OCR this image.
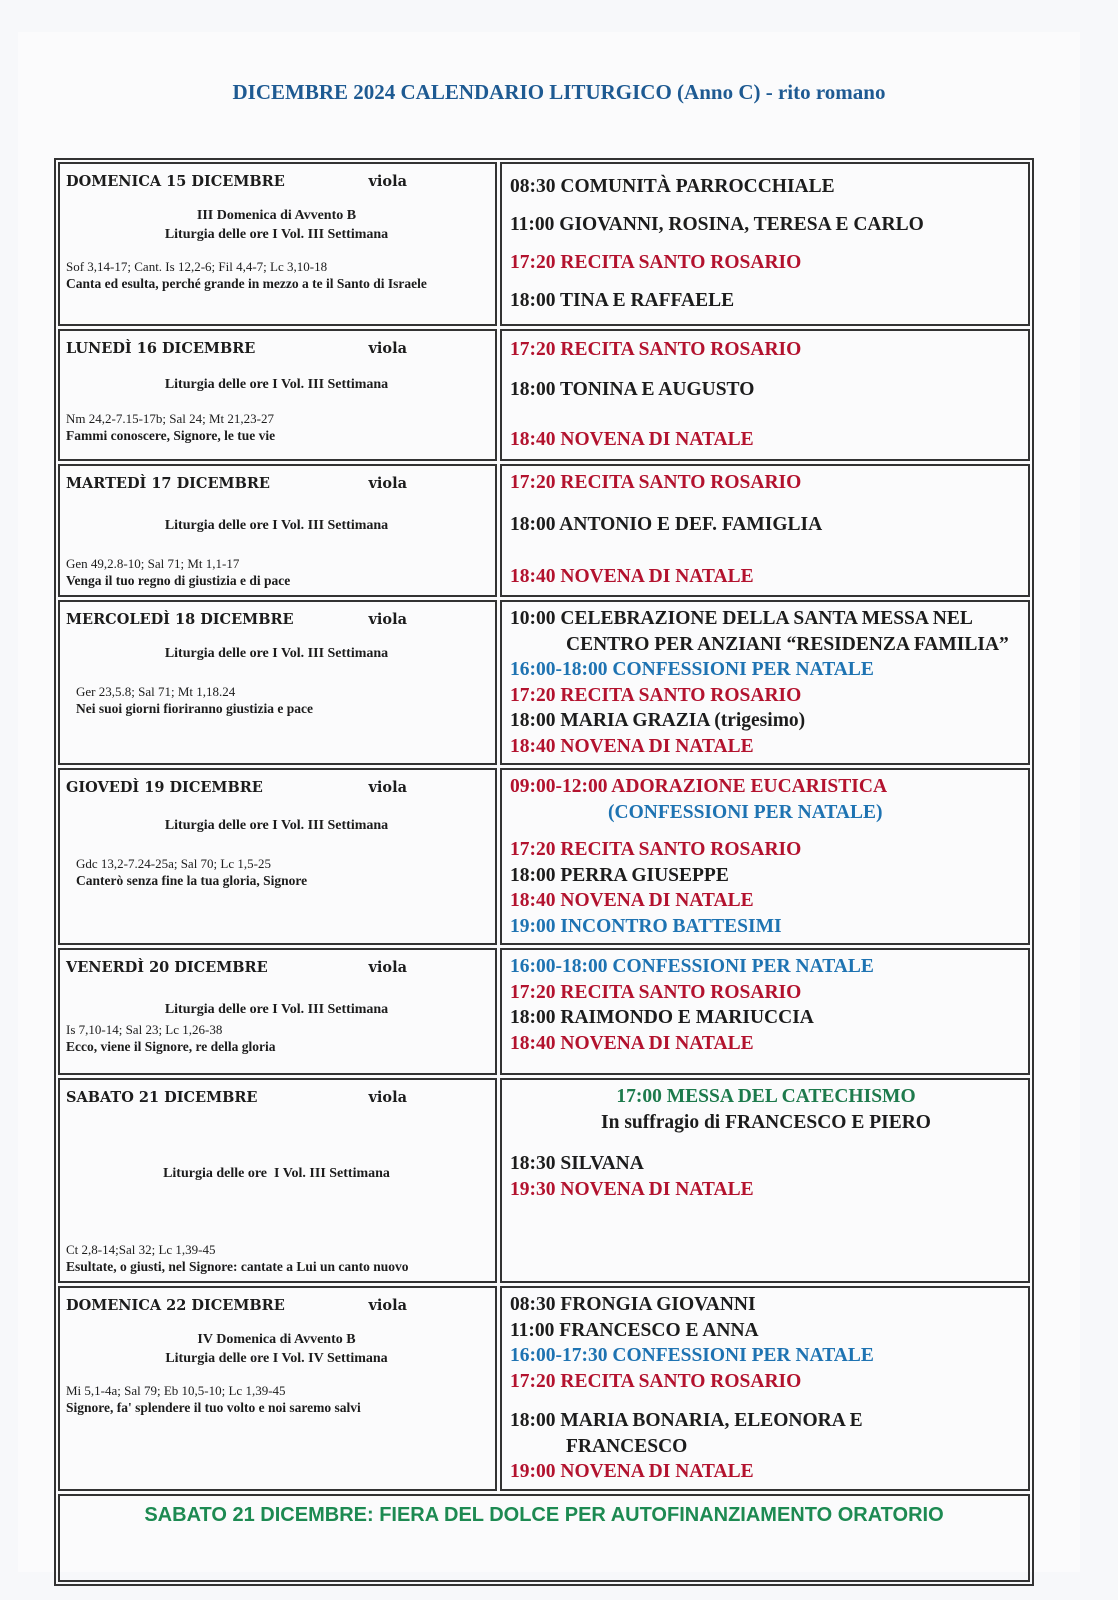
DICEMBRE 2024 CALENDARIO LITURGICO (Anno C) - rito romano
DOMENICA 15 DICEMBRE	viola
III Domenica di Avvento B
Liturgia delle ore I Vol. III Settimana
Sof 3,14-17; Cant. Is 12,2-6; Fil 4,4-7; Lc 3,10-18
Canta ed esulta, perché grande in mezzo a te il Santo di Israele
08:30 COMUNITÀ PARROCCHIALE
11:00 GIOVANNI, ROSINA, TERESA E CARLO
17:20 RECITA SANTO ROSARIO
18:00 TINA E RAFFAELE
LUNEDÌ 16 DICEMBRE	viola
Liturgia delle ore I Vol. III Settimana
Nm 24,2-7.15-17b; Sal 24; Mt 21,23-27
Fammi conoscere, Signore, le tue vie
17:20 RECITA SANTO ROSARIO
18:00 TONINA E AUGUSTO
18:40 NOVENA DI NATALE
MARTEDÌ 17 DICEMBRE	viola
Liturgia delle ore I Vol. III Settimana
Gen 49,2.8-10; Sal 71; Mt 1,1-17
Venga il tuo regno di giustizia e di pace
17:20 RECITA SANTO ROSARIO
18:00 ANTONIO E DEF. FAMIGLIA
18:40 NOVENA DI NATALE
MERCOLEDÌ 18 DICEMBRE	viola
Liturgia delle ore I Vol. III Settimana
Ger 23,5.8; Sal 71; Mt 1,18.24
Nei suoi giorni fioriranno giustizia e pace
10:00 CELEBRAZIONE DELLA SANTA MESSA NEL
CENTRO PER ANZIANI “RESIDENZA FAMILIA”
16:00-18:00 CONFESSIONI PER NATALE
17:20 RECITA SANTO ROSARIO
18:00 MARIA GRAZIA (trigesimo)
18:40 NOVENA DI NATALE
GIOVEDÌ 19 DICEMBRE	viola
Liturgia delle ore I Vol. III Settimana
Gdc 13,2-7.24-25a; Sal 70; Lc 1,5-25
Canterò senza fine la tua gloria, Signore
09:00-12:00 ADORAZIONE EUCARISTICA
(CONFESSIONI PER NATALE)
17:20 RECITA SANTO ROSARIO
18:00 PERRA GIUSEPPE
18:40 NOVENA DI NATALE
19:00 INCONTRO BATTESIMI
VENERDÌ 20 DICEMBRE	viola
Liturgia delle ore I Vol. III Settimana
Is 7,10-14; Sal 23; Lc 1,26-38
Ecco, viene il Signore, re della gloria
16:00-18:00 CONFESSIONI PER NATALE
17:20 RECITA SANTO ROSARIO
18:00 RAIMONDO E MARIUCCIA
18:40 NOVENA DI NATALE
SABATO 21 DICEMBRE	viola

Liturgia delle ore  I Vol. III Settimana

Ct 2,8-14;Sal 32; Lc 1,39-45
Esultate, o giusti, nel Signore: cantate a Lui un canto nuovo
17:00 MESSA DEL CATECHISMO
In suffragio di FRANCESCO E PIERO
18:30 SILVANA
19:30 NOVENA DI NATALE
DOMENICA 22 DICEMBRE	viola
IV Domenica di Avvento B
Liturgia delle ore I Vol. IV Settimana
Mi 5,1-4a; Sal 79; Eb 10,5-10; Lc 1,39-45
Signore, fa' splendere il tuo volto e noi saremo salvi
08:30 FRONGIA GIOVANNI
11:00 FRANCESCO E ANNA
16:00-17:30 CONFESSIONI PER NATALE
17:20 RECITA SANTO ROSARIO
18:00 MARIA BONARIA, ELEONORA E
FRANCESCO
19:00 NOVENA DI NATALE
SABATO 21 DICEMBRE: FIERA DEL DOLCE PER AUTOFINANZIAMENTO ORATORIO
